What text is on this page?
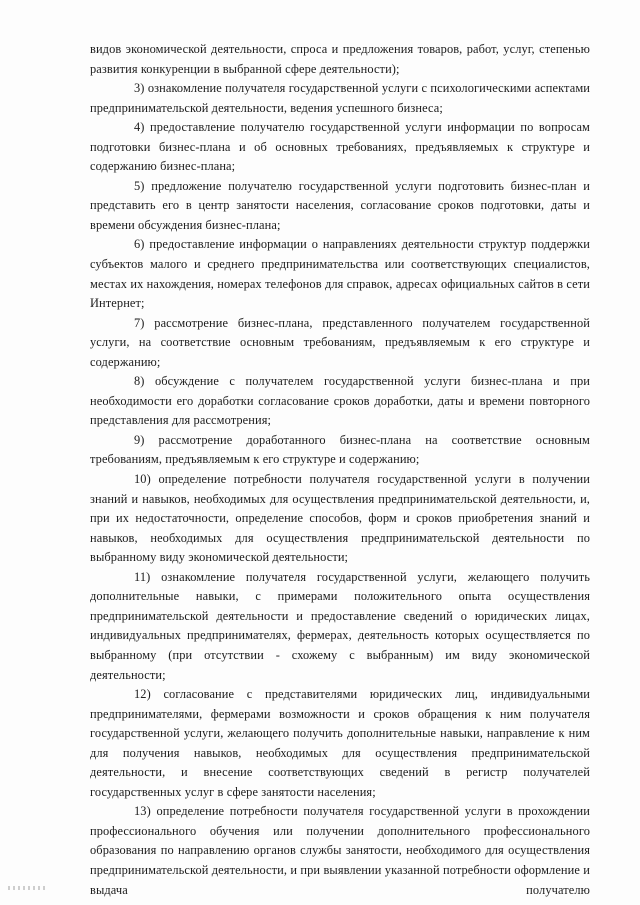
видов экономической деятельности, спроса и предложения товаров, работ, услуг, степенью развития конкуренции в выбранной сфере деятельности);

3) ознакомление получателя государственной услуги с психологическими аспектами предпринимательской деятельности, ведения успешного бизнеса;

4) предоставление получателю государственной услуги информации по вопросам подготовки бизнес-плана и об основных требованиях, предъявляемых к структуре и содержанию бизнес-плана;

5) предложение получателю государственной услуги подготовить бизнес-план и представить его в центр занятости населения, согласование сроков подготовки, даты и времени обсуждения бизнес-плана;

6) предоставление информации о направлениях деятельности структур поддержки субъектов малого и среднего предпринимательства или соответствующих специалистов, местах их нахождения, номерах телефонов для справок, адресах официальных сайтов в сети Интернет;

7) рассмотрение бизнес-плана, представленного получателем государственной услуги, на соответствие основным требованиям, предъявляемым к его структуре и содержанию;

8) обсуждение с получателем государственной услуги бизнес-плана и при необходимости его доработки согласование сроков доработки, даты и времени повторного представления для рассмотрения;

9) рассмотрение доработанного бизнес-плана на соответствие основным требованиям, предъявляемым к его структуре и содержанию;

10) определение потребности получателя государственной услуги в получении знаний и навыков, необходимых для осуществления предпринимательской деятельности, и, при их недостаточности, определение способов, форм и сроков приобретения знаний и навыков, необходимых для осуществления предпринимательской деятельности по выбранному виду экономической деятельности;

11) ознакомление получателя государственной услуги, желающего получить дополнительные навыки, с примерами положительного опыта осуществления предпринимательской деятельности и предоставление сведений о юридических лицах, индивидуальных предпринимателях, фермерах, деятельность которых осуществляется по выбранному (при отсутствии - схожему с выбранным) им виду экономической деятельности;

12) согласование с представителями юридических лиц, индивидуальными предпринимателями, фермерами возможности и сроков обращения к ним получателя государственной услуги, желающего получить дополнительные навыки, направление к ним для получения навыков, необходимых для осуществления предпринимательской деятельности, и внесение соответствующих сведений в регистр получателей государственных услуг в сфере занятости населения;

13) определение потребности получателя государственной услуги в прохождении профессионального обучения или получении дополнительного профессионального образования по направлению органов службы занятости, необходимого для осуществления предпринимательской деятельности, и при выявлении указанной потребности оформление и выдача получателю
